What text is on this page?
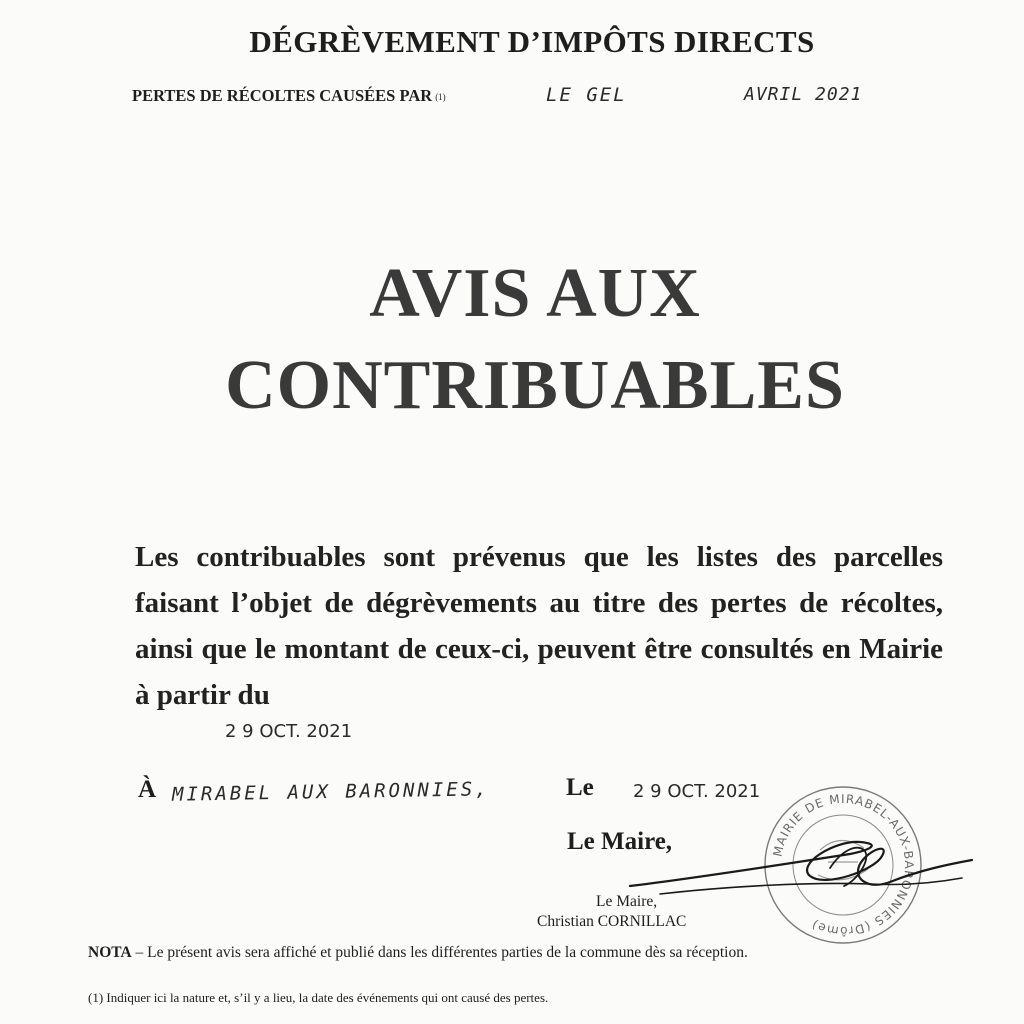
DÉGRÈVEMENT D’IMPÔTS DIRECTS
PERTES DE RÉCOLTES CAUSÉES PAR (1)	LE GEL	AVRIL 2021
AVIS AUX
CONTRIBUABLES
Les contribuables sont prévenus que les listes des parcelles faisant l’objet de dégrèvements au titre des pertes de récoltes, ainsi que le montant de ceux-ci, peuvent être consultés en Mairie à partir du
2 9 OCT. 2021
À MIRABEL AUX BARONNIES,	Le 2 9 OCT. 2021
Le Maire,	MAIRIE DE MIRABEL-AUX-BARONNIES (Drôme)
Le Maire,
Christian CORNILLAC
NOTA – Le présent avis sera affiché et publié dans les différentes parties de la commune dès sa réception.
(1) Indiquer ici la nature et, s’il y a lieu, la date des événements qui ont causé des pertes.
